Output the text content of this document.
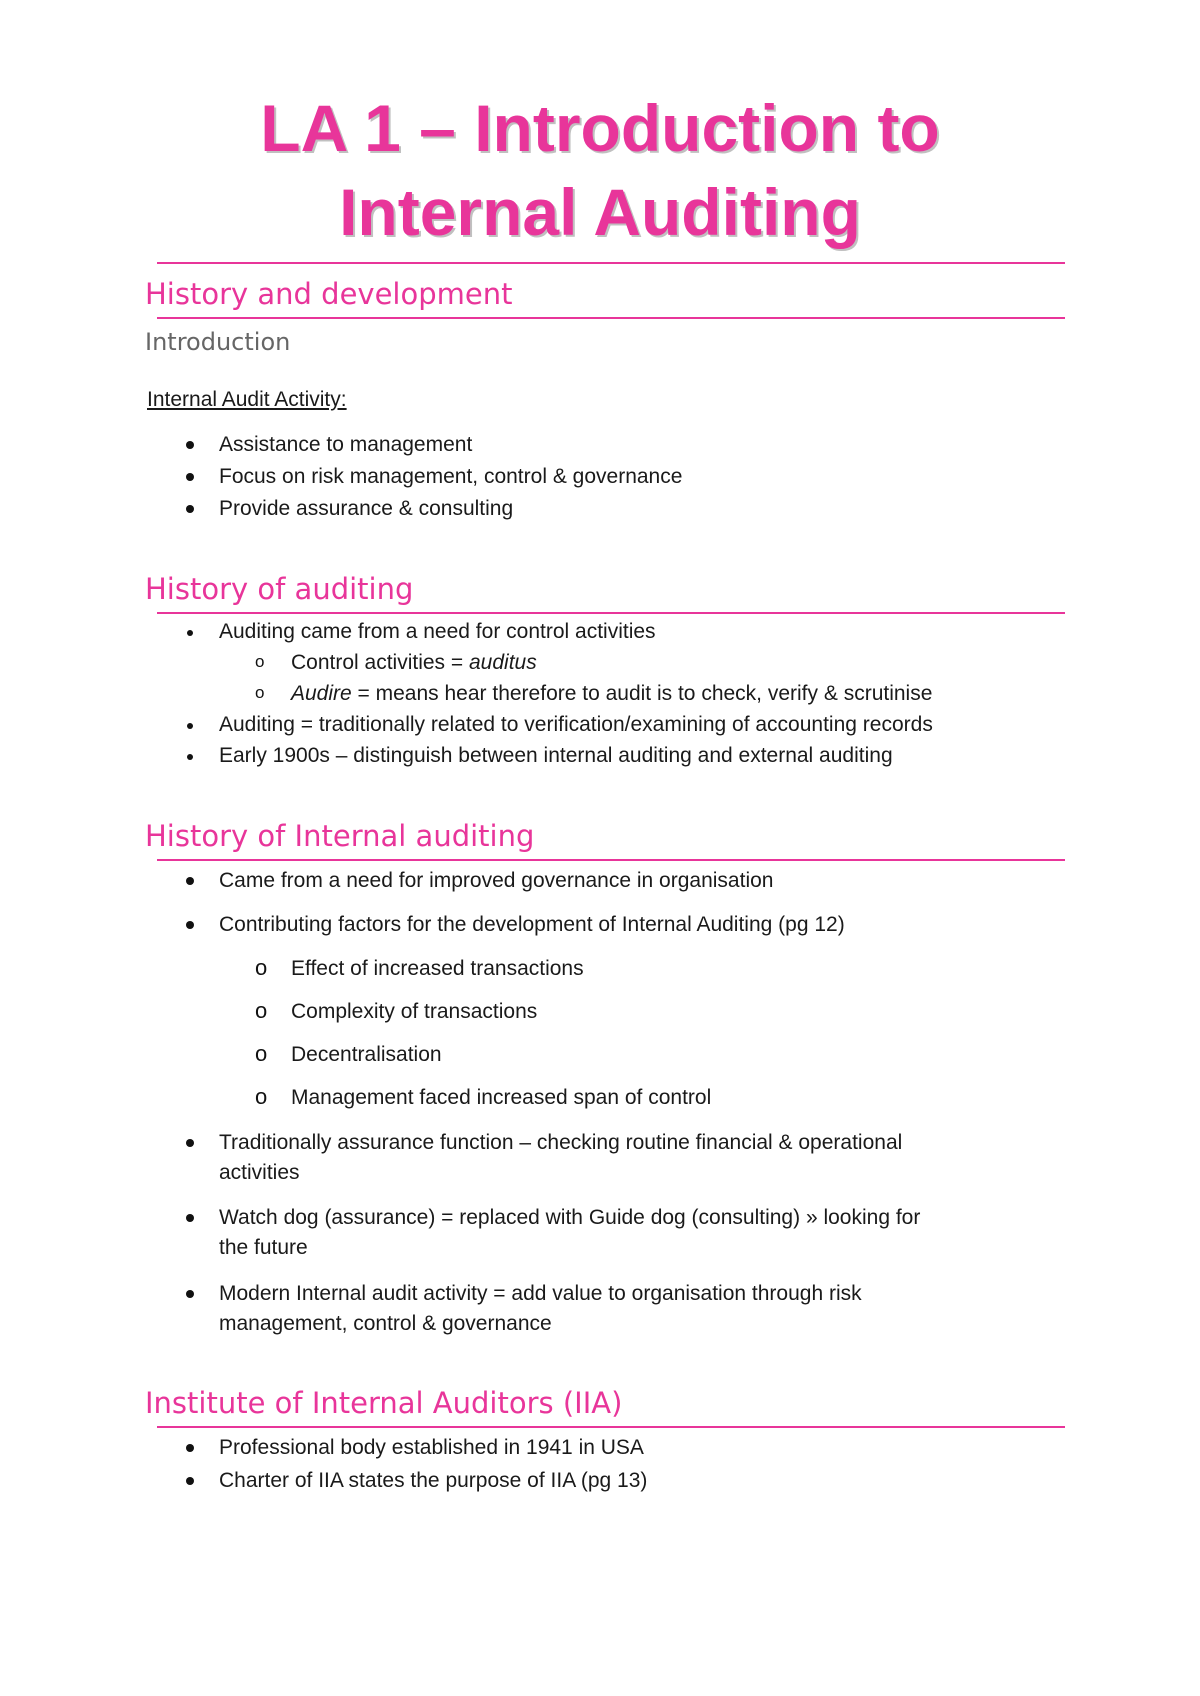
LA 1 – Introduction to
Internal Auditing
History and development
Introduction
Internal Audit Activity:
Assistance to management
Focus on risk management, control & governance
Provide assurance & consulting
History of auditing
Auditing came from a need for control activities
o Control activities = auditus
o Audire = means hear therefore to audit is to check, verify & scrutinise
Auditing = traditionally related to verification/examining of accounting records
Early 1900s – distinguish between internal auditing and external auditing
History of Internal auditing
Came from a need for improved governance in organisation
Contributing factors for the development of Internal Auditing (pg 12)
o Effect of increased transactions
o Complexity of transactions
o Decentralisation
o Management faced increased span of control
Traditionally assurance function – checking routine financial & operational
activities
Watch dog (assurance) = replaced with Guide dog (consulting) » looking for
the future
Modern Internal audit activity = add value to organisation through risk
management, control & governance
Institute of Internal Auditors (IIA)
Professional body established in 1941 in USA
Charter of IIA states the purpose of IIA (pg 13)
